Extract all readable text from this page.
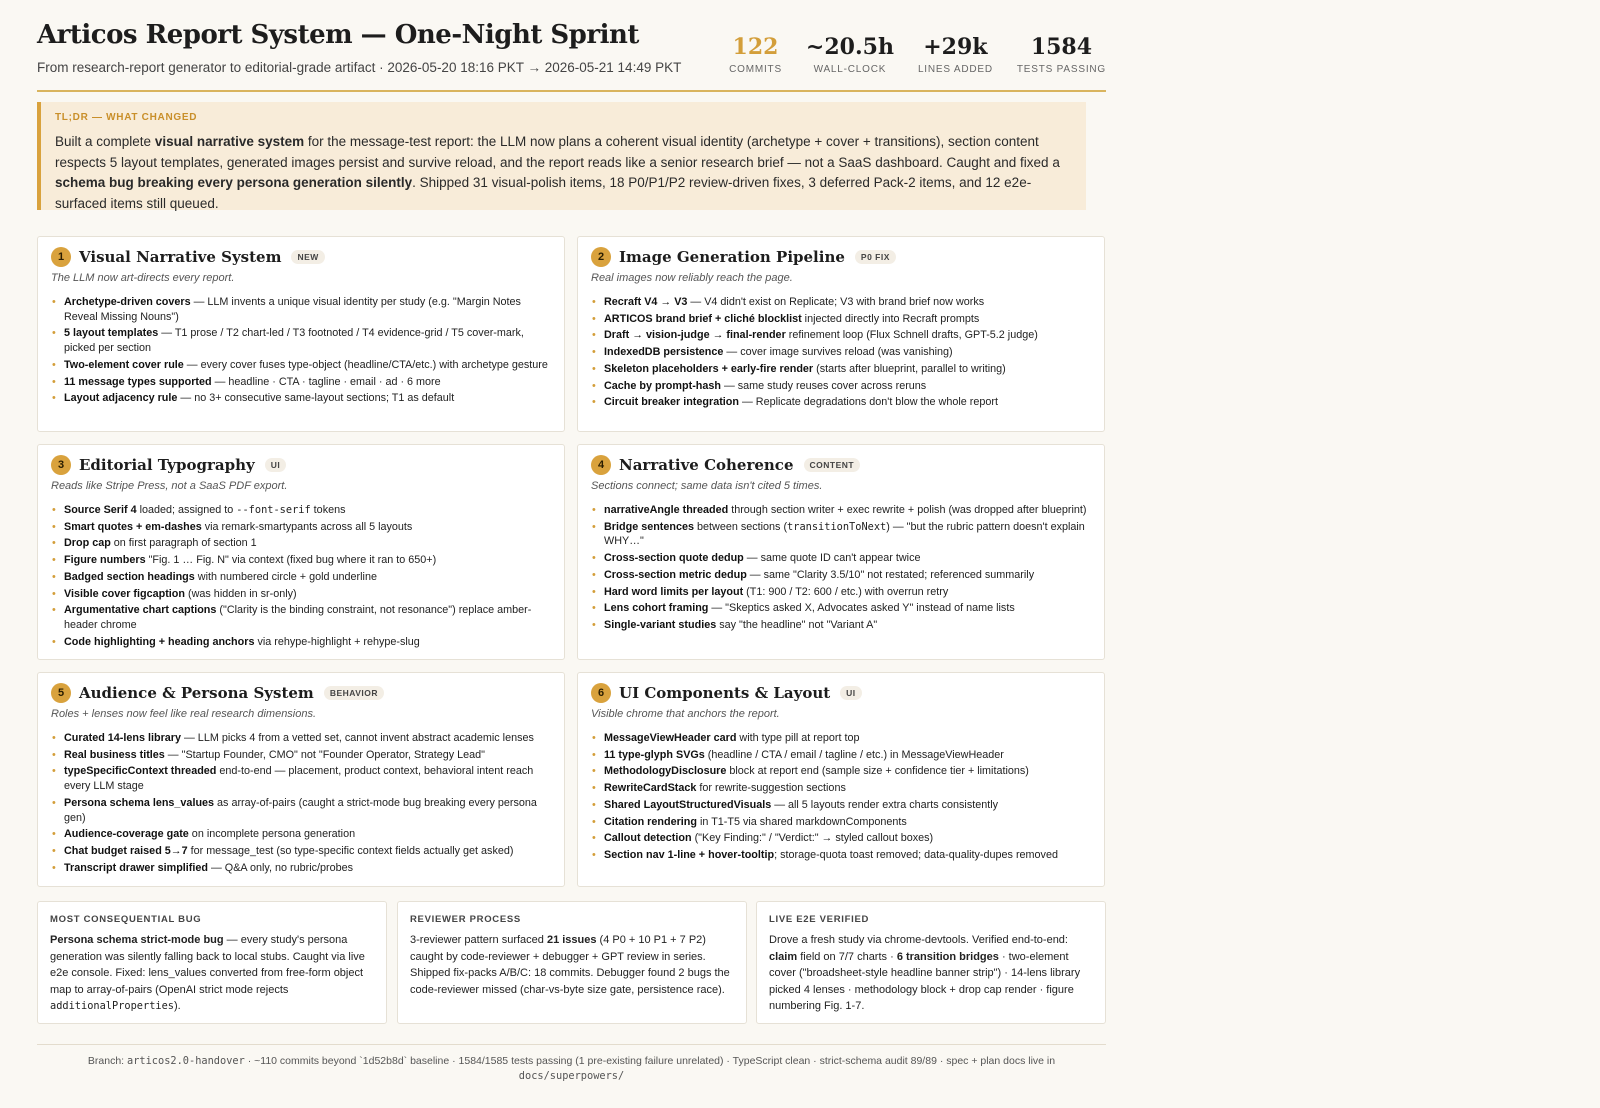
Articos Report System — One-Night Sprint
From research-report generator to editorial-grade artifact · 2026-05-20 18:16 PKT → 2026-05-21 14:49 PKT
122
COMMITS
~20.5h
WALL-CLOCK
+29k
LINES ADDED
1584
TESTS PASSING
TL;DR — WHAT CHANGED
Built a complete visual narrative system for the message-test report: the LLM now plans a coherent visual identity (archetype + cover + transitions), section content respects 5 layout templates, generated images persist and survive reload, and the report reads like a senior research brief — not a SaaS dashboard. Caught and fixed a schema bug breaking every persona generation silently. Shipped 31 visual-polish items, 18 P0/P1/P2 review-driven fixes, 3 deferred Pack-2 items, and 12 e2e-surfaced items still queued.
1 Visual Narrative System	NEW
The LLM now art-directs every report.
• Archetype-driven covers — LLM invents a unique visual identity per study (e.g. "Margin Notes Reveal Missing Nouns")
• 5 layout templates — T1 prose / T2 chart-led / T3 footnoted / T4 evidence-grid / T5 cover-mark, picked per section
• Two-element cover rule — every cover fuses type-object (headline/CTA/etc.) with archetype gesture
• 11 message types supported — headline · CTA · tagline · email · ad · 6 more
• Layout adjacency rule — no 3+ consecutive same-layout sections; T1 as default
2 Image Generation Pipeline	P0 FIX
Real images now reliably reach the page.
• Recraft V4 → V3 — V4 didn't exist on Replicate; V3 with brand brief now works
• ARTICOS brand brief + cliché blocklist injected directly into Recraft prompts
• Draft → vision-judge → final-render refinement loop (Flux Schnell drafts, GPT-5.2 judge)
• IndexedDB persistence — cover image survives reload (was vanishing)
• Skeleton placeholders + early-fire render (starts after blueprint, parallel to writing)
• Cache by prompt-hash — same study reuses cover across reruns
• Circuit breaker integration — Replicate degradations don't blow the whole report
3 Editorial Typography	UI
Reads like Stripe Press, not a SaaS PDF export.
• Source Serif 4 loaded; assigned to --font-serif tokens
• Smart quotes + em-dashes via remark-smartypants across all 5 layouts
• Drop cap on first paragraph of section 1
• Figure numbers "Fig. 1 … Fig. N" via context (fixed bug where it ran to 650+)
• Badged section headings with numbered circle + gold underline
• Visible cover figcaption (was hidden in sr-only)
• Argumentative chart captions ("Clarity is the binding constraint, not resonance") replace amber-header chrome
• Code highlighting + heading anchors via rehype-highlight + rehype-slug
4 Narrative Coherence	CONTENT
Sections connect; same data isn't cited 5 times.
• narrativeAngle threaded through section writer + exec rewrite + polish (was dropped after blueprint)
• Bridge sentences between sections (transitionToNext) — "but the rubric pattern doesn't explain WHY…"
• Cross-section quote dedup — same quote ID can't appear twice
• Cross-section metric dedup — same "Clarity 3.5/10" not restated; referenced summarily
• Hard word limits per layout (T1: 900 / T2: 600 / etc.) with overrun retry
• Lens cohort framing — "Skeptics asked X, Advocates asked Y" instead of name lists
• Single-variant studies say "the headline" not "Variant A"
5 Audience & Persona System	BEHAVIOR
Roles + lenses now feel like real research dimensions.
• Curated 14-lens library — LLM picks 4 from a vetted set, cannot invent abstract academic lenses
• Real business titles — "Startup Founder, CMO" not "Founder Operator, Strategy Lead"
• typeSpecificContext threaded end-to-end — placement, product context, behavioral intent reach every LLM stage
• Persona schema lens_values as array-of-pairs (caught a strict-mode bug breaking every persona gen)
• Audience-coverage gate on incomplete persona generation
• Chat budget raised 5→7 for message_test (so type-specific context fields actually get asked)
• Transcript drawer simplified — Q&A only, no rubric/probes
6 UI Components & Layout	UI
Visible chrome that anchors the report.
• MessageViewHeader card with type pill at report top
• 11 type-glyph SVGs (headline / CTA / email / tagline / etc.) in MessageViewHeader
• MethodologyDisclosure block at report end (sample size + confidence tier + limitations)
• RewriteCardStack for rewrite-suggestion sections
• Shared LayoutStructuredVisuals — all 5 layouts render extra charts consistently
• Citation rendering in T1-T5 via shared markdownComponents
• Callout detection ("Key Finding:" / "Verdict:" → styled callout boxes)
• Section nav 1-line + hover-tooltip; storage-quota toast removed; data-quality-dupes removed
MOST CONSEQUENTIAL BUG
Persona schema strict-mode bug — every study's persona generation was silently falling back to local stubs. Caught via live e2e console. Fixed: lens_values converted from free-form object map to array-of-pairs (OpenAI strict mode rejects additionalProperties).
REVIEWER PROCESS
3-reviewer pattern surfaced 21 issues (4 P0 + 10 P1 + 7 P2) caught by code-reviewer + debugger + GPT review in series. Shipped fix-packs A/B/C: 18 commits. Debugger found 2 bugs the code-reviewer missed (char-vs-byte size gate, persistence race).
LIVE E2E VERIFIED
Drove a fresh study via chrome-devtools. Verified end-to-end: claim field on 7/7 charts · 6 transition bridges · two-element cover ("broadsheet-style headline banner strip") · 14-lens library picked 4 lenses · methodology block + drop cap render · figure numbering Fig. 1-7.
Branch: articos2.0-handover · ~110 commits beyond `1d52b8d` baseline · 1584/1585 tests passing (1 pre-existing failure unrelated) · TypeScript clean · strict-schema audit 89/89 · spec + plan docs live in
docs/superpowers/
